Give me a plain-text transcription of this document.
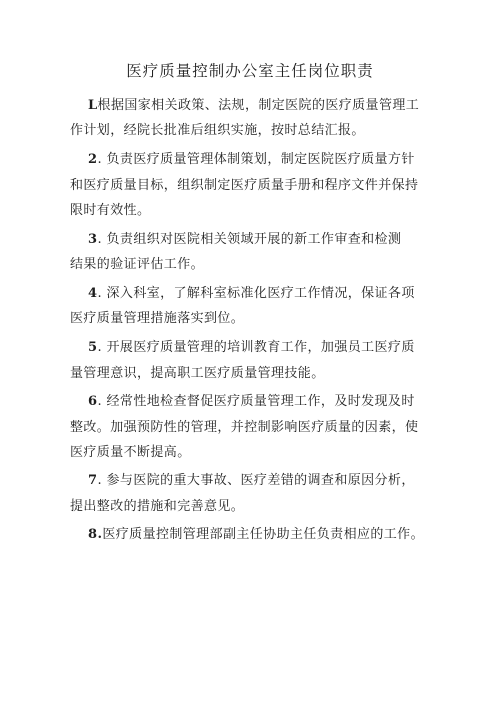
医疗质量控制办公室主任岗位职责
L根据国家相关政策、法规，制定医院的医疗质量管理工
作计划，经院长批准后组织实施，按时总结汇报。
2. 负责医疗质量管理体制策划，制定医院医疗质量方针
和医疗质量目标，组织制定医疗质量手册和程序文件并保持
限时有效性。
3. 负责组织对医院相关领域开展的新工作审查和检测
结果的验证评估工作。
4. 深入科室，了解科室标准化医疗工作情况，保证各项
医疗质量管理措施落实到位。
5. 开展医疗质量管理的培训教育工作，加强员工医疗质
量管理意识，提高职工医疗质量管理技能。
6. 经常性地检查督促医疗质量管理工作，及时发现及时
整改。加强预防性的管理，并控制影响医疗质量的因素，使
医疗质量不断提高。
7. 参与医院的重大事故、医疗差错的调查和原因分析，
提出整改的措施和完善意见。
8.医疗质量控制管理部副主任协助主任负责相应的工作。
